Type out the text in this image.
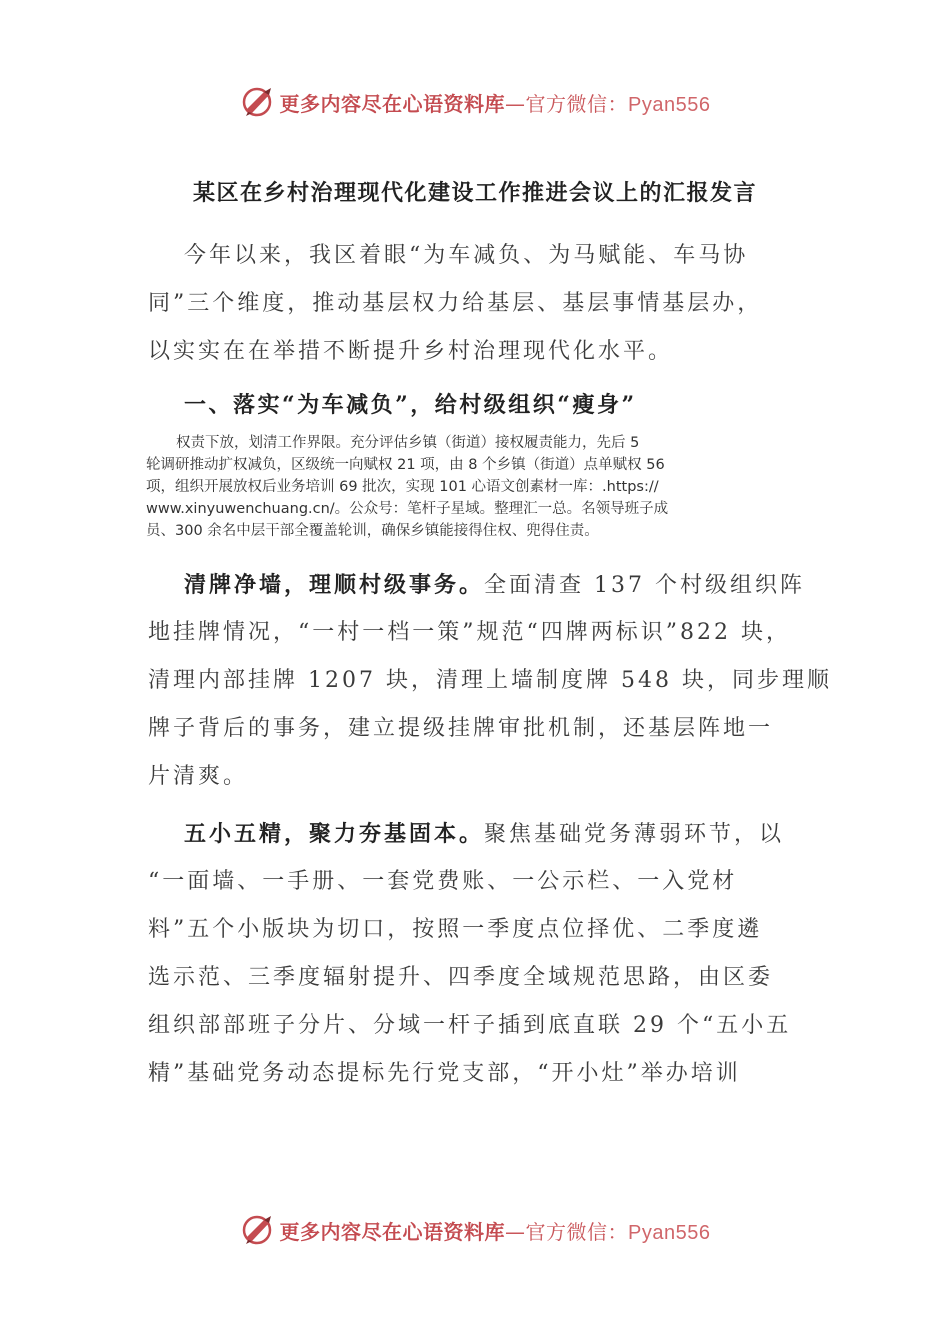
更多内容尽在心语资料库—官方微信：Pyan556
某区在乡村治理现代化建设工作推进会议上的汇报发言
今年以来，我区着眼“为车减负、为马赋能、车马协
同”三个维度，推动基层权力给基层、基层事情基层办，
以实实在在举措不断提升乡村治理现代化水平。
一、落实“为车减负”，给村级组织“瘦身”
权责下放，划清工作界限。充分评估乡镇（街道）接权履责能力，先后 5
轮调研推动扩权减负，区级统一向赋权 21 项，由 8 个乡镇（街道）点单赋权 56
项，组织开展放权后业务培训 69 批次，实现 101 心语文创素材一库：.https://
www.xinyuwenchuang.cn/。公众号：笔杆子星域。整理汇一总。名领导班子成
员、300 余名中层干部全覆盖轮训，确保乡镇能接得住权、兜得住责。
清牌净墙，理顺村级事务。全面清查 137 个村级组织阵
地挂牌情况，“一村一档一策”规范“四牌两标识”822 块，
清理内部挂牌 1207 块，清理上墙制度牌 548 块，同步理顺
牌子背后的事务，建立提级挂牌审批机制，还基层阵地一
片清爽。
五小五精，聚力夯基固本。聚焦基础党务薄弱环节，以
“一面墙、一手册、一套党费账、一公示栏、一入党材
料”五个小版块为切口，按照一季度点位择优、二季度遴
选示范、三季度辐射提升、四季度全域规范思路，由区委
组织部部班子分片、分域一杆子插到底直联 29 个“五小五
精”基础党务动态提标先行党支部，“开小灶”举办培训
更多内容尽在心语资料库—官方微信：Pyan556
